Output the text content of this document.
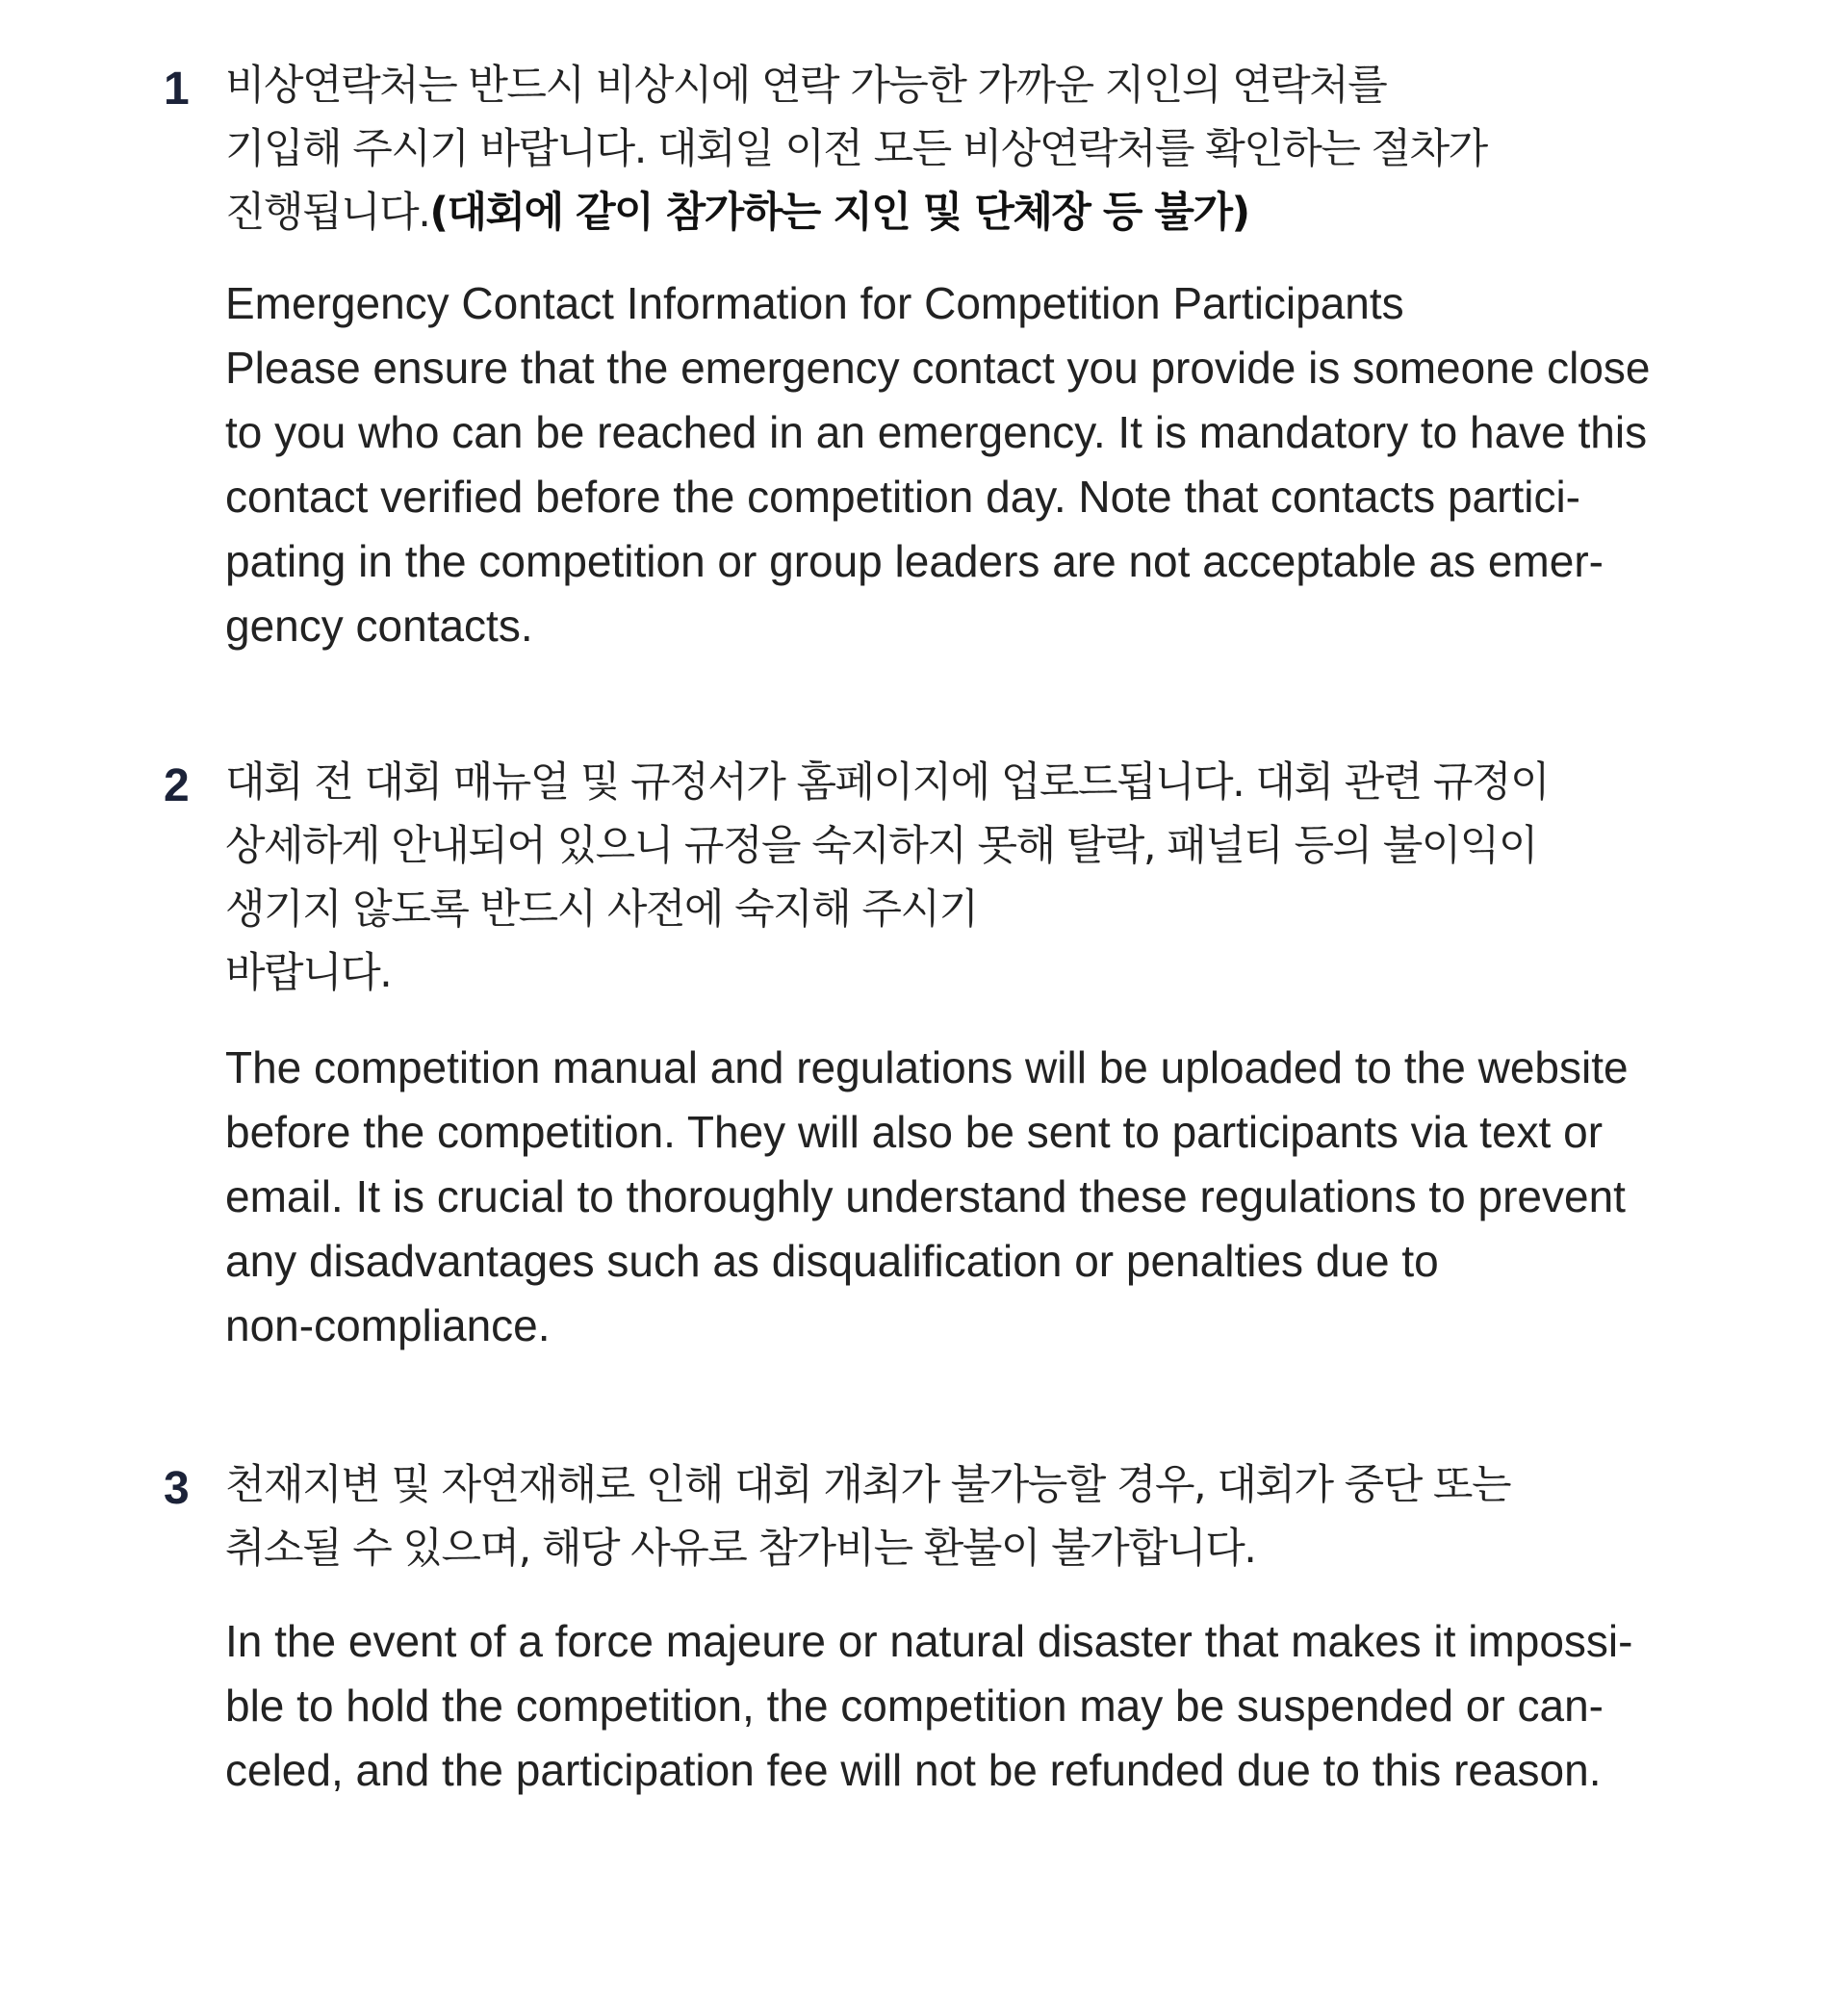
1 비상연락처는 반드시 비상시에 연락 가능한 가까운 지인의 연락처를
기입해 주시기 바랍니다. 대회일 이전 모든 비상연락처를 확인하는 절차가
진행됩니다.(대회에 같이 참가하는 지인 및 단체장 등 불가)

Emergency Contact Information for Competition Participants
Please ensure that the emergency contact you provide is someone close
to you who can be reached in an emergency. It is mandatory to have this
contact verified before the competition day. Note that contacts partici-
pating in the competition or group leaders are not acceptable as emer-
gency contacts.

2 대회 전 대회 매뉴얼 및 규정서가 홈페이지에 업로드됩니다. 대회 관련 규정이
상세하게 안내되어 있으니 규정을 숙지하지 못해 탈락, 패널티 등의 불이익이
생기지 않도록 반드시 사전에 숙지해 주시기
바랍니다.

The competition manual and regulations will be uploaded to the website
before the competition. They will also be sent to participants via text or
email. It is crucial to thoroughly understand these regulations to prevent
any disadvantages such as disqualification or penalties due to
non-compliance.

3 천재지변 및 자연재해로 인해 대회 개최가 불가능할 경우, 대회가 중단 또는
취소될 수 있으며, 해당 사유로 참가비는 환불이 불가합니다.

In the event of a force majeure or natural disaster that makes it impossi-
ble to hold the competition, the competition may be suspended or can-
celed, and the participation fee will not be refunded due to this reason.
